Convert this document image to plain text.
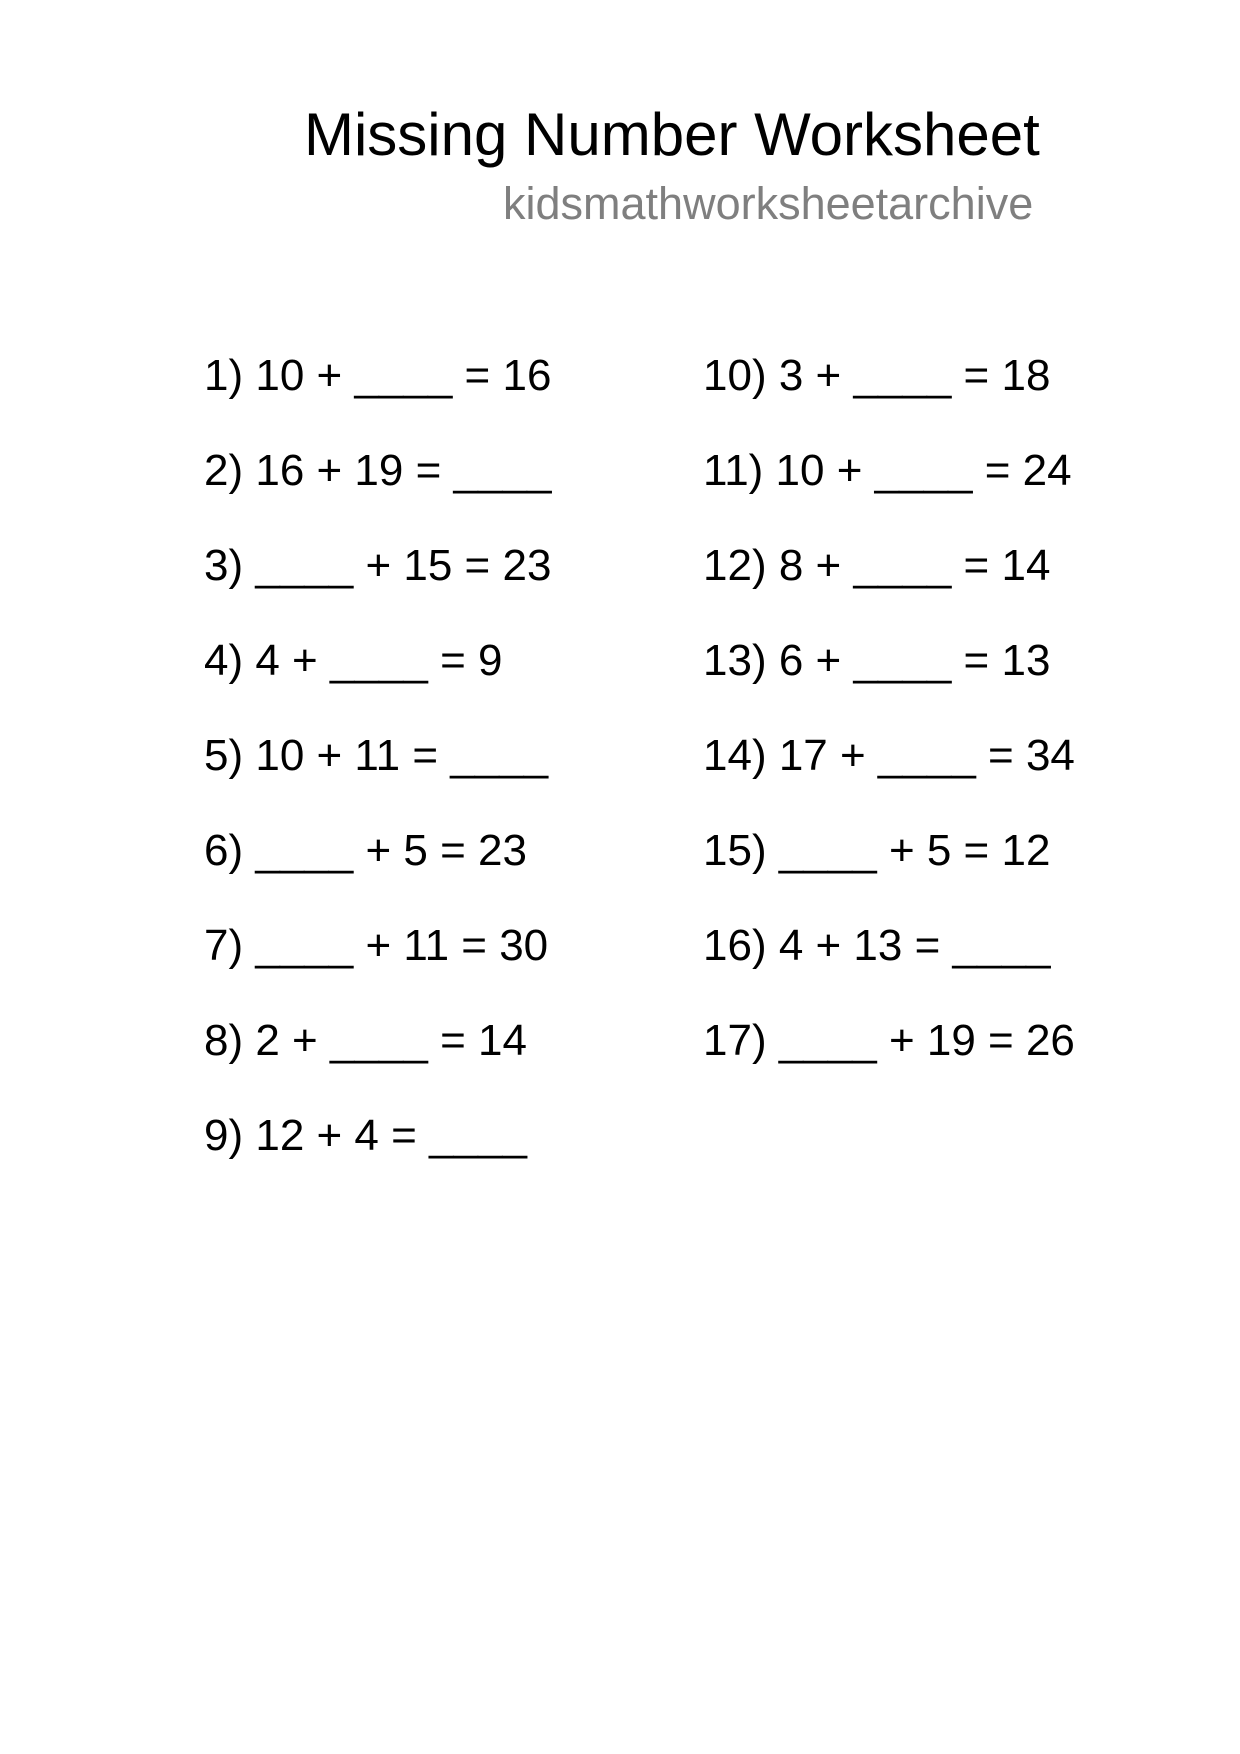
Missing Number Worksheet
kidsmathworksheetarchive
1) 10 + ____ = 16
2) 16 + 19 = ____
3) ____ + 15 = 23
4) 4 + ____ = 9
5) 10 + 11 = ____
6) ____ + 5 = 23
7) ____ + 11 = 30
8) 2 + ____ = 14
9) 12 + 4 = ____
10) 3 + ____ = 18
11) 10 + ____ = 24
12) 8 + ____ = 14
13) 6 + ____ = 13
14) 17 + ____ = 34
15) ____ + 5 = 12
16) 4 + 13 = ____
17) ____ + 19 = 26
